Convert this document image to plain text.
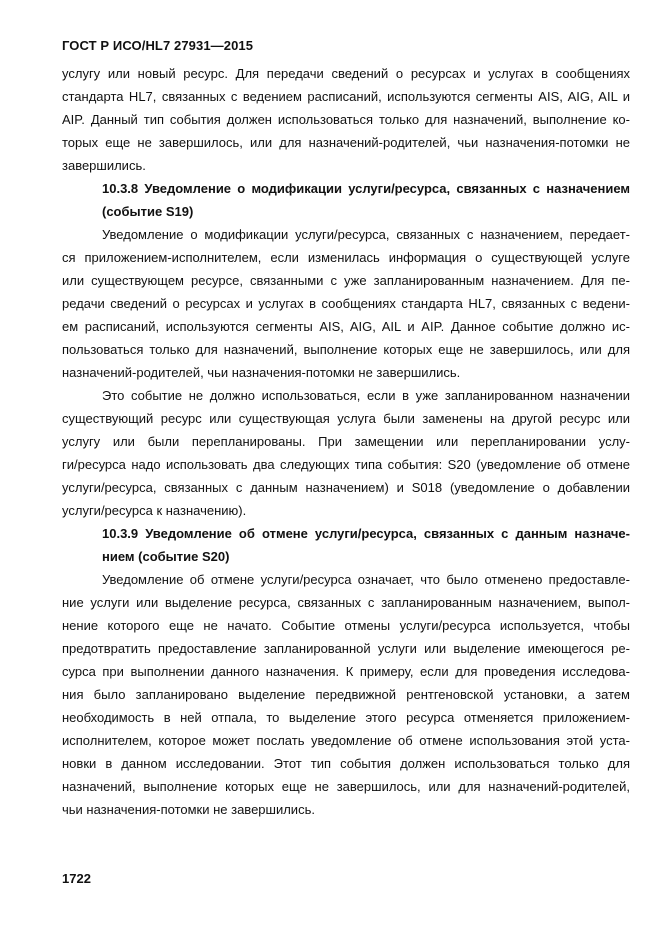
ГОСТ Р ИСО/HL7 27931—2015
услугу или новый ресурс. Для передачи сведений о ресурсах и услугах в сообщениях
стандарта HL7, связанных с ведением расписаний, используются сегменты AIS, AIG, AIL и
AIP. Данный тип события должен использоваться только для назначений, выполнение ко-
торых еще не завершилось, или для назначений-родителей, чьи назначения-потомки не
завершились.
10.3.8 Уведомление о модификации услуги/ресурса, связанных с назначением
(событие S19)
Уведомление о модификации услуги/ресурса, связанных с назначением, передает-
ся приложением-исполнителем, если изменилась информация о существующей услуге
или существующем ресурсе, связанными с уже запланированным назначением. Для пе-
редачи сведений о ресурсах и услугах в сообщениях стандарта HL7, связанных с ведени-
ем расписаний, используются сегменты AIS, AIG, AIL и AIP. Данное событие должно ис-
пользоваться только для назначений, выполнение которых еще не завершилось, или для
назначений-родителей, чьи назначения-потомки не завершились.
Это событие не должно использоваться, если в уже запланированном назначении
существующий ресурс или существующая услуга были заменены на другой ресурс или
услугу или были перепланированы. При замещении или перепланировании услу-
ги/ресурса надо использовать два следующих типа события: S20 (уведомление об отмене
услуги/ресурса, связанных с данным назначением) и S018 (уведомление о добавлении
услуги/ресурса к назначению).
10.3.9 Уведомление об отмене услуги/ресурса, связанных с данным назначе-
нием (событие S20)
Уведомление об отмене услуги/ресурса означает, что было отменено предоставле-
ние услуги или выделение ресурса, связанных с запланированным назначением, выпол-
нение которого еще не начато. Событие отмены услуги/ресурса используется, чтобы
предотвратить предоставление запланированной услуги или выделение имеющегося ре-
сурса при выполнении данного назначения. К примеру, если для проведения исследова-
ния было запланировано выделение передвижной рентгеновской установки, а затем
необходимость в ней отпала, то выделение этого ресурса отменяется приложением-
исполнителем, которое может послать уведомление об отмене использования этой уста-
новки в данном исследовании. Этот тип события должен использоваться только для
назначений, выполнение которых еще не завершилось, или для назначений-родителей,
чьи назначения-потомки не завершились.
1722
